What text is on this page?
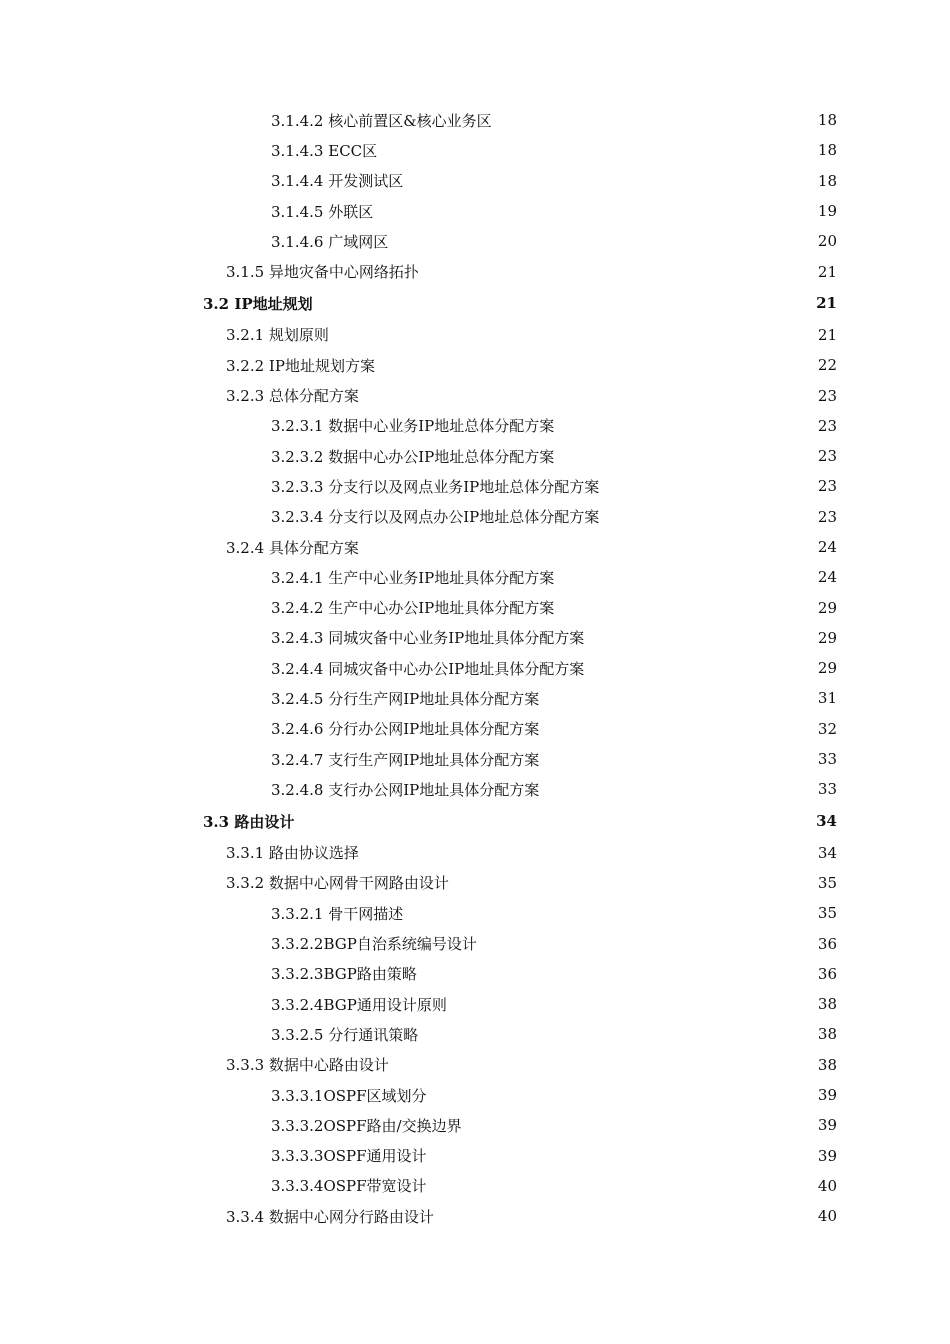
3.1.4.2 核心前置区&核心业务区	18
3.1.4.3 ECC区	18
3.1.4.4 开发测试区	18
3.1.4.5 外联区	19
3.1.4.6 广域网区	20
3.1.5 异地灾备中心网络拓扑	21
3.2 IP地址规划	21
3.2.1 规划原则	21
3.2.2 IP地址规划方案	22
3.2.3 总体分配方案	23
3.2.3.1 数据中心业务IP地址总体分配方案	23
3.2.3.2 数据中心办公IP地址总体分配方案	23
3.2.3.3 分支行以及网点业务IP地址总体分配方案	23
3.2.3.4 分支行以及网点办公IP地址总体分配方案	23
3.2.4 具体分配方案	24
3.2.4.1 生产中心业务IP地址具体分配方案	24
3.2.4.2 生产中心办公IP地址具体分配方案	29
3.2.4.3 同城灾备中心业务IP地址具体分配方案	29
3.2.4.4 同城灾备中心办公IP地址具体分配方案	29
3.2.4.5 分行生产网IP地址具体分配方案	31
3.2.4.6 分行办公网IP地址具体分配方案	32
3.2.4.7 支行生产网IP地址具体分配方案	33
3.2.4.8 支行办公网IP地址具体分配方案	33
3.3 路由设计	34
3.3.1 路由协议选择	34
3.3.2 数据中心网骨干网路由设计	35
3.3.2.1 骨干网描述	35
3.3.2.2BGP自治系统编号设计	36
3.3.2.3BGP路由策略	36
3.3.2.4BGP通用设计原则	38
3.3.2.5 分行通讯策略	38
3.3.3 数据中心路由设计	38
3.3.3.1OSPF区域划分	39
3.3.3.2OSPF路由/交换边界	39
3.3.3.3OSPF通用设计	39
3.3.3.4OSPF带宽设计	40
3.3.4 数据中心网分行路由设计	40
